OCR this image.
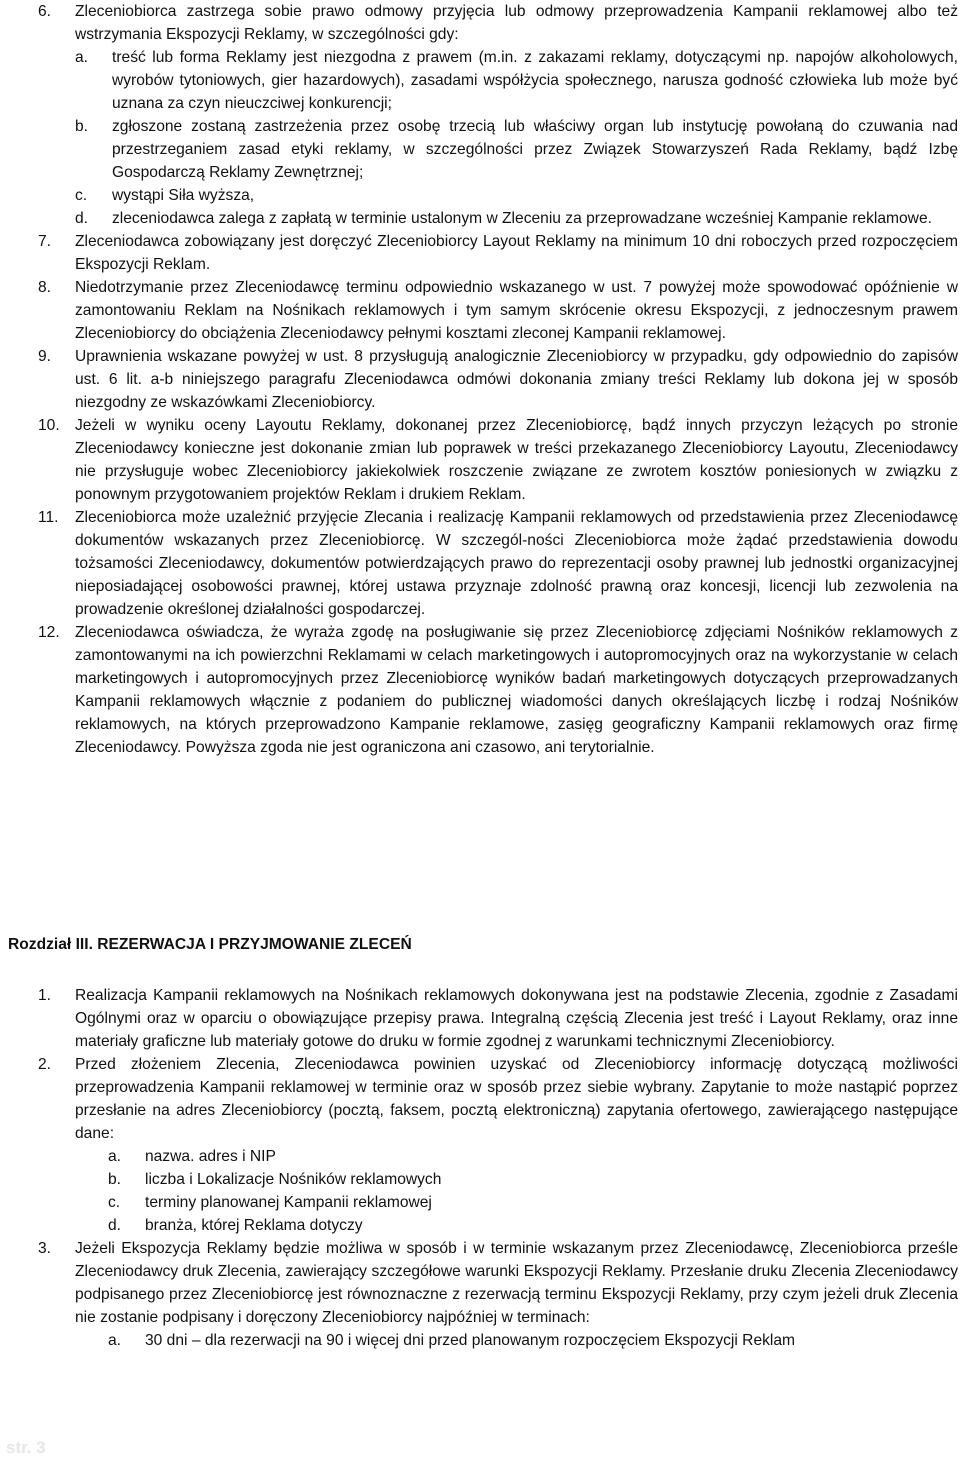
6.	Zleceniobiorca zastrzega sobie prawo odmowy przyjęcia lub odmowy przeprowadzenia Kampanii reklamowej albo też wstrzymania Ekspozycji Reklamy, w szczególności gdy:
a.	treść lub forma Reklamy jest niezgodna z prawem (m.in. z zakazami reklamy, dotyczącymi np. napojów alkoholowych, wyrobów tytoniowych, gier hazardowych), zasadami współżycia społecznego, narusza godność człowieka lub może być uznana za czyn nieuczciwej konkurencji;
b.	zgłoszone zostaną zastrzeżenia przez osobę trzecią lub właściwy organ lub instytucję powołaną do czuwania nad przestrzeganiem zasad etyki reklamy, w szczególności przez Związek Stowarzyszeń Rada Reklamy, bądź Izbę Gospodarczą Reklamy Zewnętrznej;
c.	wystąpi Siła wyższa,
d.	zleceniodawca zalega z zapłatą w terminie ustalonym w Zleceniu za przeprowadzane wcześniej Kampanie reklamowe.
7.	Zleceniodawca zobowiązany jest doręczyć Zleceniobiorcy Layout Reklamy na minimum 10 dni roboczych przed rozpoczęciem Ekspozycji Reklam.
8.	Niedotrzymanie przez Zleceniodawcę terminu odpowiednio wskazanego w ust. 7 powyżej może spowodować opóźnienie w zamontowaniu Reklam na Nośnikach reklamowych i tym samym skrócenie okresu Ekspozycji, z jednoczesnym prawem Zleceniobiorcy do obciążenia Zleceniodawcy pełnymi kosztami zleconej Kampanii reklamowej.
9.	Uprawnienia wskazane powyżej w ust. 8 przysługują analogicznie Zleceniobiorcy w przypadku, gdy odpowiednio do zapisów ust. 6 lit. a-b niniejszego paragrafu Zleceniodawca odmówi dokonania zmiany treści Reklamy lub dokona jej w sposób niezgodny ze wskazówkami Zleceniobiorcy.
10. Jeżeli w wyniku oceny Layoutu Reklamy, dokonanej przez Zleceniobiorcę, bądź innych przyczyn leżących po stronie Zleceniodawcy konieczne jest dokonanie zmian lub poprawek w treści przekazanego Zleceniobiorcy Layoutu, Zleceniodawcy nie przysługuje wobec Zleceniobiorcy jakiekolwiek roszczenie związane ze zwrotem kosztów poniesionych w związku z ponownym przygotowaniem projektów Reklam i drukiem Reklam.
11.	Zleceniobiorca może uzależnić przyjęcie Zlecania i realizację Kampanii reklamowych od przedstawienia przez Zleceniodawcę dokumentów wskazanych przez Zleceniobiorcę. W szczegól-ności Zleceniobiorca może żądać przedstawienia dowodu tożsamości Zleceniodawcy, dokumentów potwierdzających prawo do reprezentacji osoby prawnej lub jednostki organizacyjnej nieposiadającej osobowości prawnej, której ustawa przyznaje zdolność prawną oraz koncesji, licencji lub zezwolenia na prowadzenie określonej działalności gospodarczej.
12. Zleceniodawca oświadcza, że wyraża zgodę na posługiwanie się przez Zleceniobiorcę zdjęciami Nośników reklamowych z zamontowanymi na ich powierzchni Reklamami w celach marketingowych i autopromocyjnych oraz na wykorzystanie w celach marketingowych i autopromocyjnych przez Zleceniobiorcę wyników badań marketingowych dotyczących przeprowadzanych Kampanii reklamowych włącznie z podaniem do publicznej wiadomości danych określających liczbę i rodzaj Nośników reklamowych, na których przeprowadzono Kampanie reklamowe, zasięg geograficzny Kampanii reklamowych oraz firmę Zleceniodawcy. Powyższa zgoda nie jest ograniczona ani czasowo, ani terytorialnie.
Rozdział III. REZERWACJA I PRZYJMOWANIE ZLECEŃ
1.	Realizacja Kampanii reklamowych na Nośnikach reklamowych dokonywana jest na podstawie Zlecenia, zgodnie z Zasadami Ogólnymi oraz w oparciu o obowiązujące przepisy prawa. Integralną częścią Zlecenia jest treść i Layout Reklamy, oraz inne materiały graficzne lub materiały gotowe do druku w formie zgodnej z warunkami technicznymi Zleceniobiorcy.
2.	Przed złożeniem Zlecenia, Zleceniodawca powinien uzyskać od Zleceniobiorcy informację dotyczącą możliwości przeprowadzenia Kampanii reklamowej w terminie oraz w sposób przez siebie wybrany. Zapytanie to może nastąpić poprzez przesłanie na adres Zleceniobiorcy (pocztą, faksem, pocztą elektroniczną) zapytania ofertowego, zawierającego następujące dane:
a.	nazwa. adres i NIP
b.	liczba i Lokalizacje Nośników reklamowych
c.	terminy planowanej Kampanii reklamowej
d.	branża, której Reklama dotyczy
3.	Jeżeli Ekspozycja Reklamy będzie możliwa w sposób i w terminie wskazanym przez Zleceniodawcę, Zleceniobiorca prześle Zleceniodawcy druk Zlecenia, zawierający szczegółowe warunki Ekspozycji Reklamy. Przesłanie druku Zlecenia Zleceniodawcy podpisanego przez Zleceniobiorcę jest równoznaczne z rezerwacją terminu Ekspozycji Reklamy, przy czym jeżeli druk Zlecenia nie zostanie podpisany i doręczony Zleceniobiorcy najpóźniej w terminach:
a.	30 dni – dla rezerwacji na 90 i więcej dni przed planowanym rozpoczęciem Ekspozycji Reklam
str. 3
